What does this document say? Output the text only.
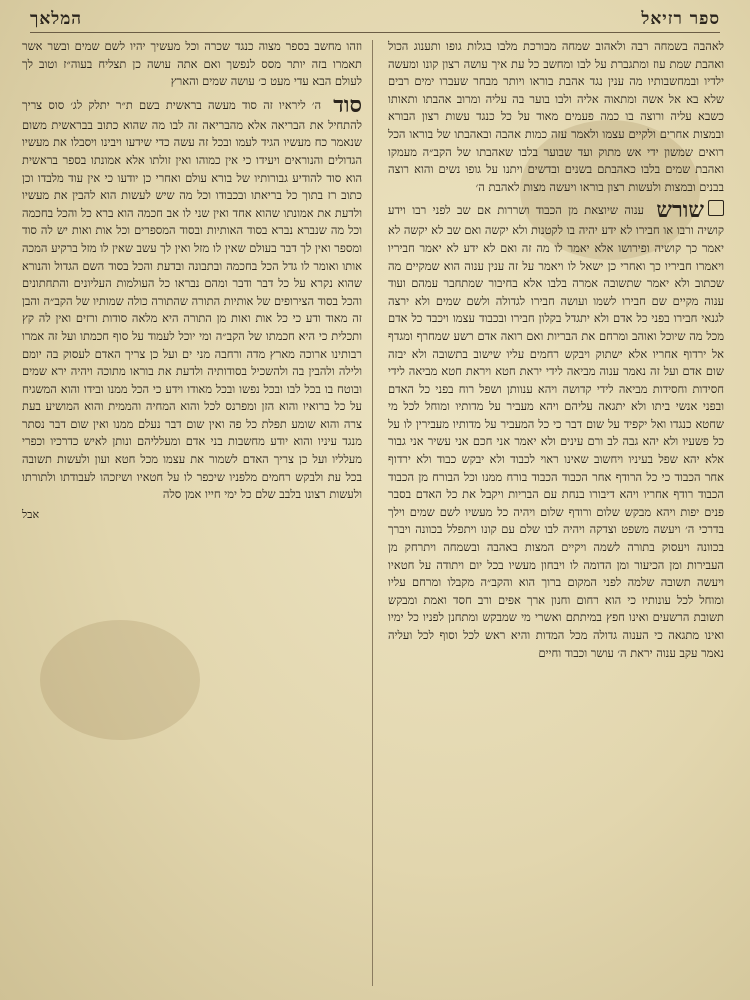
ספר רזיאל
המלאך

לאהבה בשמחה רבה ולאהוב שמחה מבורכת מלבו בגלות גופו ותענוג הכול ואהבת שמת עוז ומתגברת על לבו ומחשב כל עת איך עושה רצון קונו ומעשה ילדיו ובמחשבותיו מה ענין נגד אהבת בוראו ויותר מבחר שעברו ימים רבים שלא בא אל אשה ומתאוה אליה ולבו בוער בה עליה ומרוב אהבתו ותאותו כשבא עליה ורוצה בו כמה פעמים מאוד על כל כנגד עשות רצון הבורא ובמצות אחרים ולקיים עצמו ולאמר עזה כמות אהבה ובאהבתו של בוראו הכל רואים שמשון ידי אש מתוק ועד שבוער בלבו שאהבתו של הקב״ה מעמקו ואהבת שמים בלבו כאהבתם בשנים ובדשים ויתנו על גופו נשים והוא רוצה בבנים ובמצות ולעשות רצון בוראו ויעשה מצות לאהבת ה׳

שורש ענוה שיוצאת מן הכבוד ושררות אם שב לפני רבו וידע קושיה ורבו או חבירו לא ידע יהיה בו לקטנות ולא יקשה ואם שב לא יקשה לא יאמר כך קושיה ופירושו אלא יאמר לו מה זה ואם לא ידע לא יאמר חביריו ויאמרו חביריו כך ואחרי כן ישאל לו ויאמר על זה ענין ענוה הוא שמקיים מה שכתוב ולא יאמר שתשובה אמרה בלבו אלא בחיבור שמתחבר עמהם ועוד ענוה מקיים שם חבירו לשמו ועושה חבירו לגדולה ולשם שמים ולא ירצה לגנאי חבירו בפני כל אדם ולא יתגדל בקלון חבירו ובכבוד עצמו ויכבד כל אדם מכל מה שיוכל ואוהב ומרחם את הבריות ואם רואה אדם רשע שמחרף ומגדף אל ירדוף אחריו אלא ישתוק ויבקש רחמים עליו שישוב בתשובה ולא יבזה שום אדם ועל זה נאמר ענוה מביאה לידי יראת חטא ויראת חטא מביאה לידי חסידות וחסידות מביאה לידי קדושה ויהא ענוותן ושפל רוח בפני כל האדם ובפני אנשי ביתו ולא יתגאה עליהם ויהא מעביר על מדותיו ומוחל לכל מי שחטא כנגדו ואל יקפיד על שום דבר כי כל המעביר על מדותיו מעבירין לו על כל פשעיו ולא יהא גבה לב ורם עינים ולא יאמר אני חכם אני עשיר אני גבור אלא יהא שפל בעיניו ויחשוב שאינו ראוי לכבוד ולא יבקש כבוד ולא ירדוף אחר הכבוד כי כל הרודף אחר הכבוד הכבוד בורח ממנו וכל הבורח מן הכבוד הכבוד רודף אחריו ויהא דיבורו בנחת עם הבריות ויקבל את כל האדם בסבר פנים יפות ויהא מבקש שלום ורודף שלום ויהיה כל מעשיו לשם שמים וילך בדרכי ה׳ ויעשה משפט וצדקה ויהיה לבו שלם עם קונו ויתפלל בכוונה ויברך בכוונה ויעסוק בתורה לשמה ויקיים המצות באהבה ובשמחה ויתרחק מן העבירות ומן הכיעור ומן הדומה לו ויבחון מעשיו בכל יום ויתודה על חטאיו ויעשה תשובה שלמה לפני המקום ברוך הוא והקב״ה מקבלו ומרחם עליו ומוחל לכל עונותיו כי הוא רחום וחנון ארך אפים ורב חסד ואמת ומבקש תשובת הרשעים ואינו חפץ במיתתם ואשרי מי שמבקש ומתחנן לפניו כל ימיו ואינו מתגאה כי הענוה גדולה מכל המדות והיא ראש לכל וסוף לכל ועליה נאמר עקב ענוה יראת ה׳ עושר וכבוד וחיים

וזהו מחשב בספר מצוה כנגד שכרה וכל מעשיך יהיו לשם שמים ובשר אשר תאמרו בזה יותר מסס לנפשך ואם אתה עושה כן תצליח בעוה״ז וטוב לך לעולם הבא עדי מעט כ׳ עושה שמים והארץ

סוד ה׳ ליראיו זה סוד מעשה בראשית בשם ת״ר יתלק לג׳ סוס צריך להתחיל את הבריאה אלא מהבריאה זה לבו מה שהוא כתוב בבראשית משום שנאמר כח מעשיו הגיד לעמו ובכל זה עשה כדי שידעו ויבינו ויסבלו את מעשיו הגדולים והנוראים ויעידו כי אין כמוהו ואין זולתו אלא אמונתו בספר בראשית הוא סוד להודיע גבורותיו של בורא עולם ואחרי כן יודעו כי אין עוד מלבדו וכן כתוב רז בתוך כל בריאתו ובכבודו וכל מה שיש לעשות הוא להבין את מעשיו ולדעת את אמונתו שהוא אחד ואין שני לו אב חכמה הוא ברא כל והכל בחכמה וכל מה שנברא נברא בסוד האותיות ובסוד המספרים וכל אות ואות יש לה סוד ומספר ואין לך דבר בעולם שאין לו מזל ואין לך עשב שאין לו מזל ברקיע המכה אותו ואומר לו גדל הכל בחכמה ובתבונה ובדעת והכל בסוד השם הגדול והנורא שהוא נקרא על כל דבר ודבר ומהם נבראו כל העולמות העליונים והתחתונים והכל בסוד הצירופים של אותיות התורה שהתורה כולה שמותיו של הקב״ה והבן זה מאוד ודע כי כל אות ואות מן התורה היא מלאה סודות ורזים ואין לה קץ ותכלית כי היא חכמתו של הקב״ה ומי יוכל לעמוד על סוף חכמתו ועל זה אמרו רבותינו ארוכה מארץ מדה ורחבה מני ים ועל כן צריך האדם לעסוק בה יומם ולילה ולהבין בה ולהשכיל בסודותיה ולדעת את בוראו מתוכה ויהיה ירא שמים ובוטח בו בכל לבו ובכל נפשו ובכל מאודו וידע כי הכל ממנו ובידו והוא המשגיח על כל ברואיו והוא הזן ומפרנס לכל והוא המחיה והממית והוא המושיע בעת צרה והוא שומע תפלת כל פה ואין שום דבר נעלם ממנו ואין שום דבר נסתר מנגד עיניו והוא יודע מחשבות בני אדם ומעלליהם ונותן לאיש כדרכיו וכפרי מעלליו ועל כן צריך האדם לשמור את עצמו מכל חטא ועון ולעשות תשובה בכל עת ולבקש רחמים מלפניו שיכפר לו על חטאיו ושיזכהו לעבודתו ולתורתו ולעשות רצונו בלבב שלם כל ימי חייו אמן סלה

אבל
